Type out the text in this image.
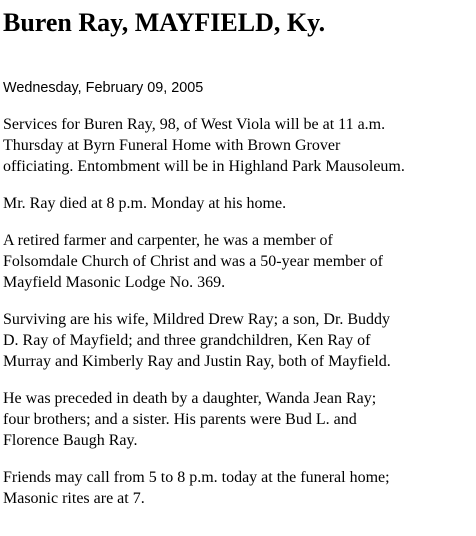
Buren Ray, MAYFIELD, Ky.
Wednesday, February 09, 2005

Services for Buren Ray, 98, of West Viola will be at 11 a.m.
Thursday at Byrn Funeral Home with Brown Grover
officiating. Entombment will be in Highland Park Mausoleum.

Mr. Ray died at 8 p.m. Monday at his home.

A retired farmer and carpenter, he was a member of
Folsomdale Church of Christ and was a 50-year member of
Mayfield Masonic Lodge No. 369.

Surviving are his wife, Mildred Drew Ray; a son, Dr. Buddy
D. Ray of Mayfield; and three grandchildren, Ken Ray of
Murray and Kimberly Ray and Justin Ray, both of Mayfield.

He was preceded in death by a daughter, Wanda Jean Ray;
four brothers; and a sister. His parents were Bud L. and
Florence Baugh Ray.

Friends may call from 5 to 8 p.m. today at the funeral home;
Masonic rites are at 7.
